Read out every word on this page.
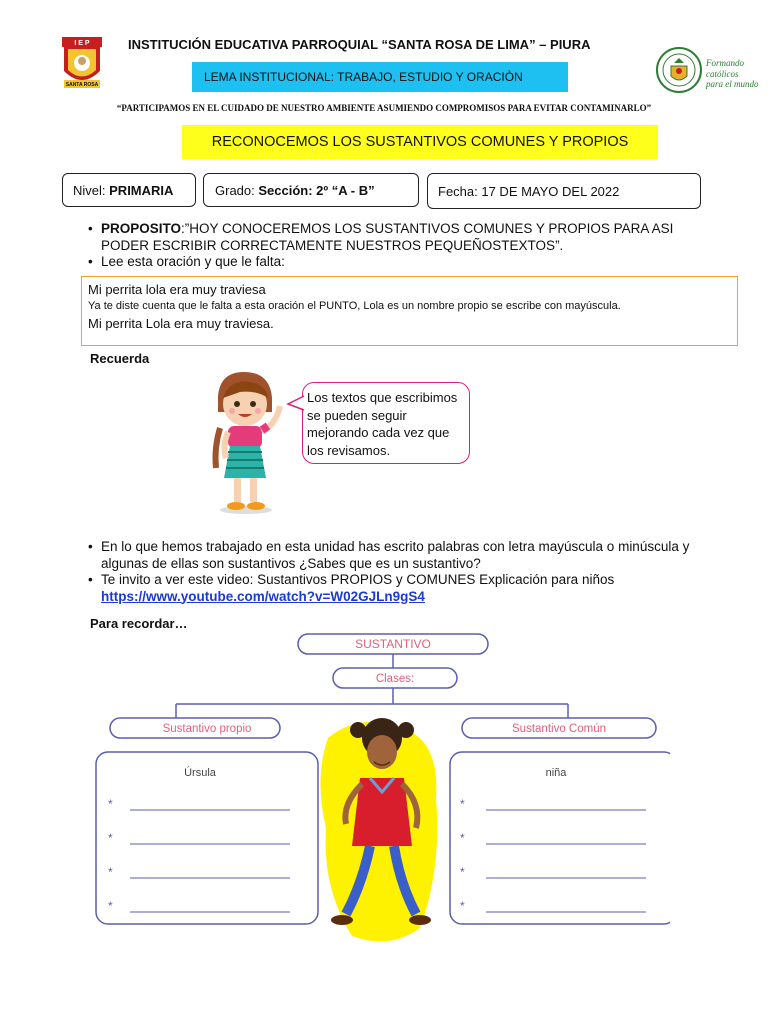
I E P
SANTA ROSA
INSTITUCIÓN EDUCATIVA PARROQUIAL “SANTA ROSA DE LIMA” – PIURA
LEMA INSTITUCIONAL: TRABAJO, ESTUDIO Y ORACIÒN
Formando
católicos
para el mundo
“PARTICIPAMOS EN EL CUIDADO DE NUESTRO AMBIENTE ASUMIENDO COMPROMISOS PARA EVITAR CONTAMINARLO”
RECONOCEMOS LOS SUSTANTIVOS COMUNES Y PROPIOS
Nivel:
PRIMARIA	Grado:
Sección: 2º “A - B”	Fecha: 17 DE MAYO DEL 2022
• PROPOSITO:”HOY CONOCEREMOS LOS SUSTANTIVOS COMUNES Y PROPIOS PARA ASI PODER ESCRIBIR CORRECTAMENTE NUESTROS PEQUEÑOSTEXTOS”.
• Lee esta oración y que le falta:
Mi perrita lola era muy traviesa
Ya te diste cuenta que le falta a esta oración el PUNTO, Lola es un nombre propio se escribe con mayúscula.
Mi perrita Lola era muy traviesa.
Recuerda
Los textos que escribimos se pueden seguir mejorando cada vez que los revisamos.
• En lo que hemos trabajado en esta unidad has escrito palabras con letra mayúscula o minúscula y algunas de ellas son sustantivos ¿Sabes que es un sustantivo?
• Te invito a ver este video: Sustantivos PROPIOS y COMUNES Explicación para niños
https://www.youtube.com/watch?v=W02GJLn9gS4
Para recordar…
SUSTANTIVO
Clases:
Sustantivo propio	Sustantivo Común
Úrsula	niña
*
*
*
*
*
*
*
*
